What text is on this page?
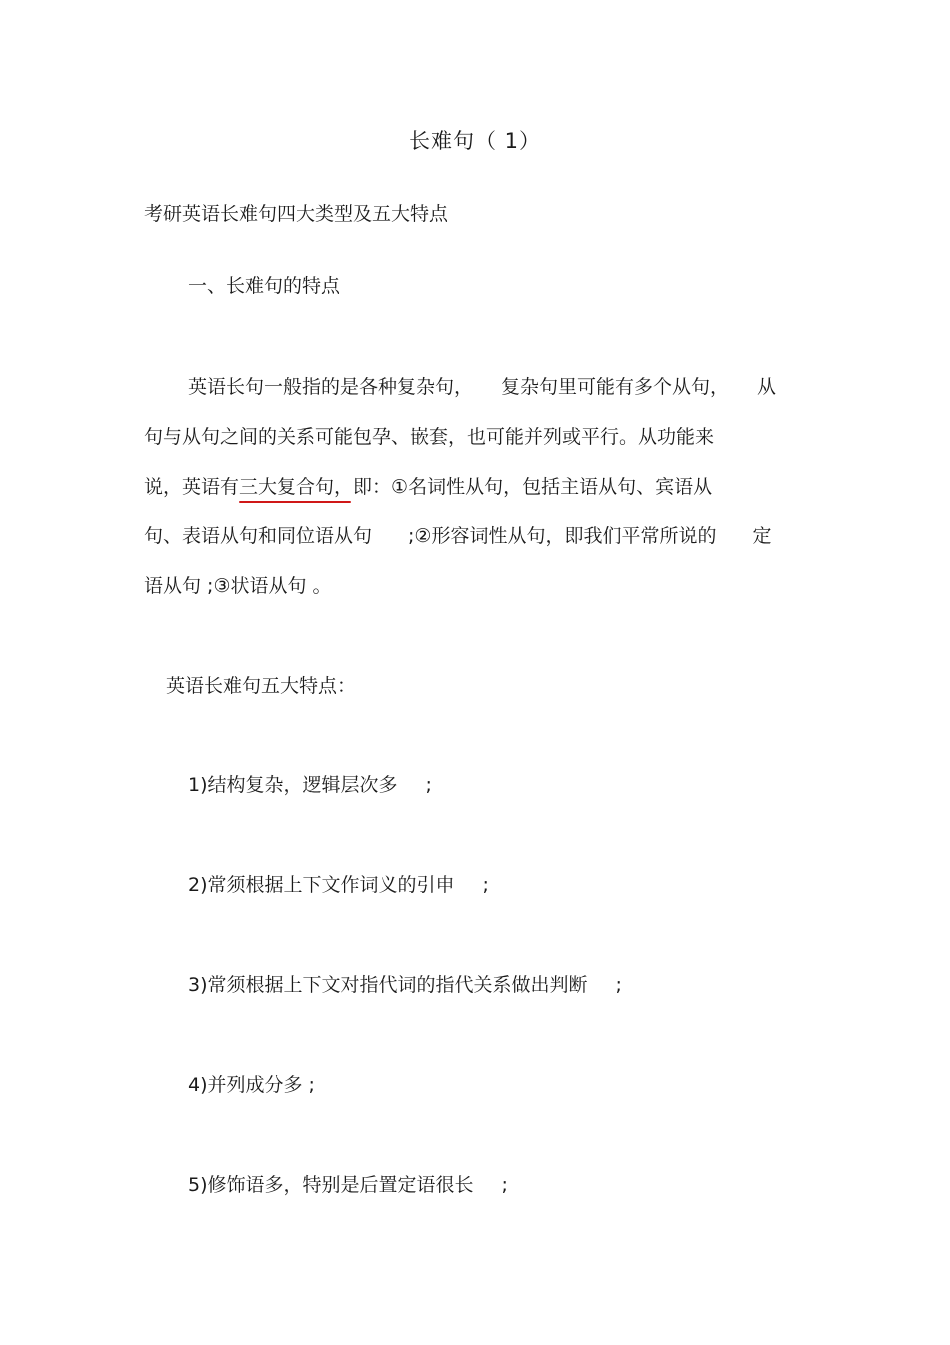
长难句（ 1）
考研英语长难句四大类型及五大特点
一、长难句的特点
英语长句一般指的是各种复杂句， 复杂句里可能有多个从句， 从
句与从句之间的关系可能包孕、嵌套，也可能并列或平行。从功能来
说，英语有三大复合句，即：①名词性从句，包括主语从句、宾语从
句、表语从句和同位语从句 ;②形容词性从句，即我们平常所说的 定
语从句 ;③状语从句 。
英语长难句五大特点：
1)结构复杂，逻辑层次多 ;
2)常须根据上下文作词义的引申 ;
3)常须根据上下文对指代词的指代关系做出判断 ;
4)并列成分多 ;
5)修饰语多，特别是后置定语很长 ;
